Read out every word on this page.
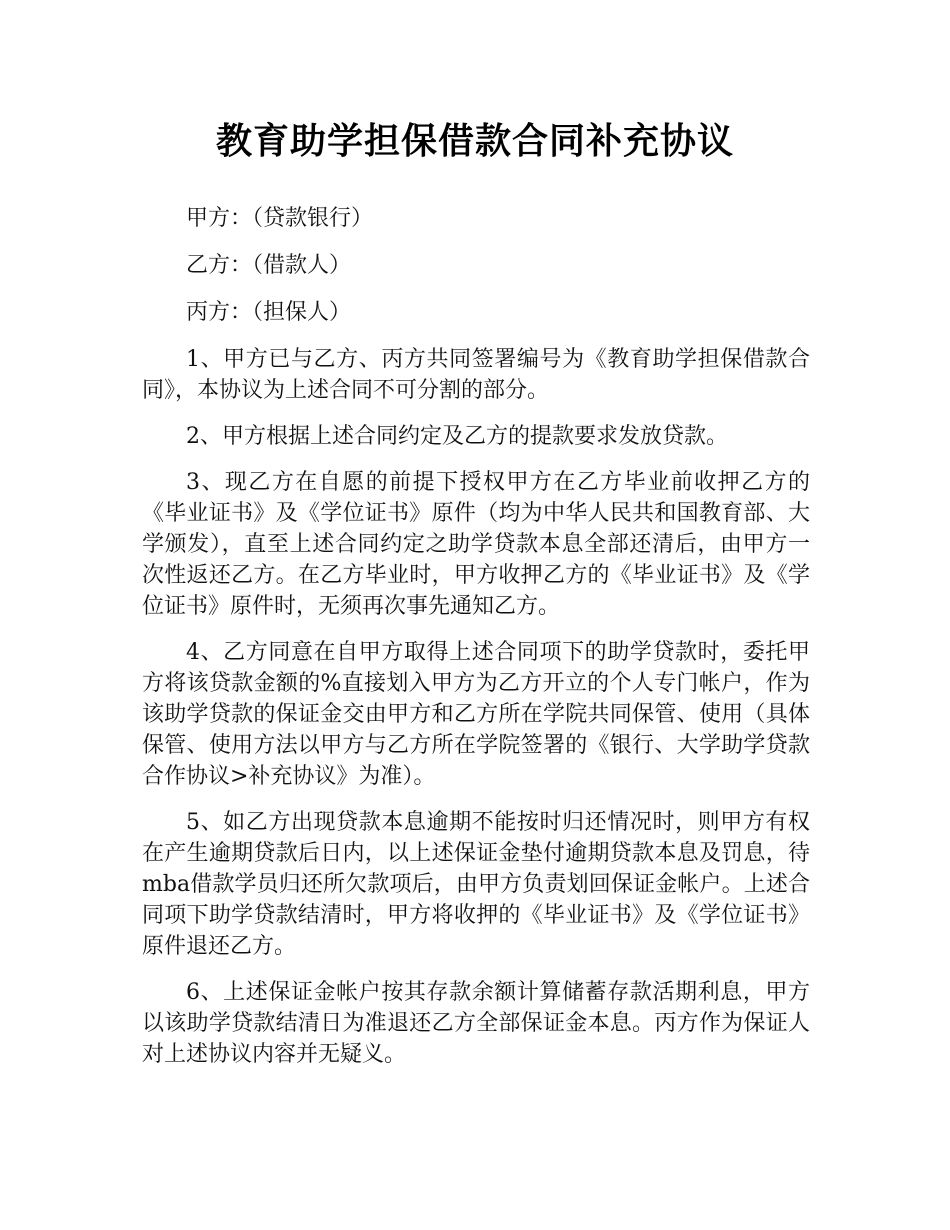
教育助学担保借款合同补充协议

甲方：（贷款银行）

乙方：（借款人）

丙方：（担保人）

1、甲方已与乙方、丙方共同签署编号为《教育助学担保借款合同》，本协议为上述合同不可分割的部分。

2、甲方根据上述合同约定及乙方的提款要求发放贷款。

3、现乙方在自愿的前提下授权甲方在乙方毕业前收押乙方的《毕业证书》及《学位证书》原件（均为中华人民共和国教育部、大学颁发），直至上述合同约定之助学贷款本息全部还清后，由甲方一次性返还乙方。在乙方毕业时，甲方收押乙方的《毕业证书》及《学位证书》原件时，无须再次事先通知乙方。

4、乙方同意在自甲方取得上述合同项下的助学贷款时，委托甲方将该贷款金额的%直接划入甲方为乙方开立的个人专门帐户，作为该助学贷款的保证金交由甲方和乙方所在学院共同保管、使用（具体保管、使用方法以甲方与乙方所在学院签署的《银行、大学助学贷款合作协议>补充协议》为准）。

5、如乙方出现贷款本息逾期不能按时归还情况时，则甲方有权在产生逾期贷款后日内，以上述保证金垫付逾期贷款本息及罚息，待mba借款学员归还所欠款项后，由甲方负责划回保证金帐户。上述合同项下助学贷款结清时，甲方将收押的《毕业证书》及《学位证书》原件退还乙方。

6、上述保证金帐户按其存款余额计算储蓄存款活期利息，甲方以该助学贷款结清日为准退还乙方全部保证金本息。丙方作为保证人对上述协议内容并无疑义。
